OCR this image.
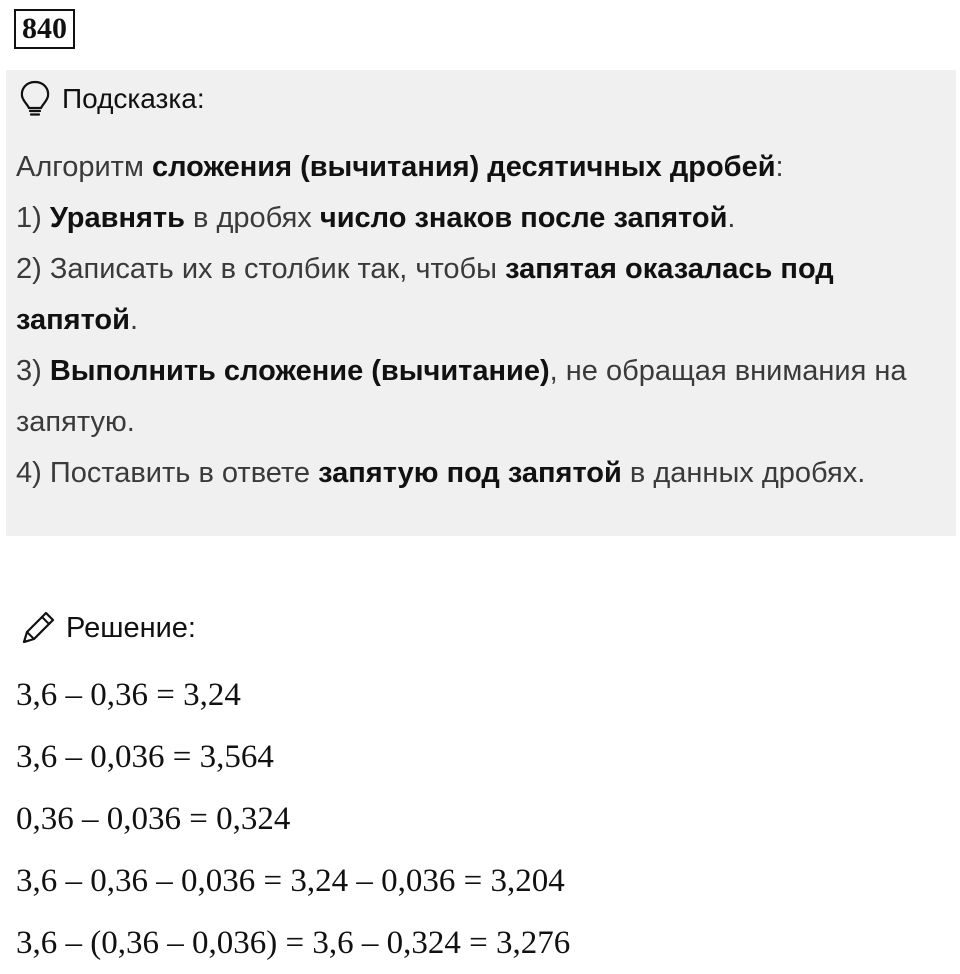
840
Подсказка:

Алгоритм сложения (вычитания) десятичных дробей:

1) Уравнять в дробях число знаков после запятой.

2) Записать их в столбик так, чтобы запятая оказалась под запятой.

3) Выполнить сложение (вычитание), не обращая внимания на запятую.

4) Поставить в ответе запятую под запятой в данных дробях.

Решение:
3,6 – 0,36 = 3,24
3,6 – 0,036 = 3,564
0,36 – 0,036 = 0,324
3,6 – 0,36 – 0,036 = 3,24 – 0,036 = 3,204
3,6 – (0,36 – 0,036) = 3,6 – 0,324 = 3,276
